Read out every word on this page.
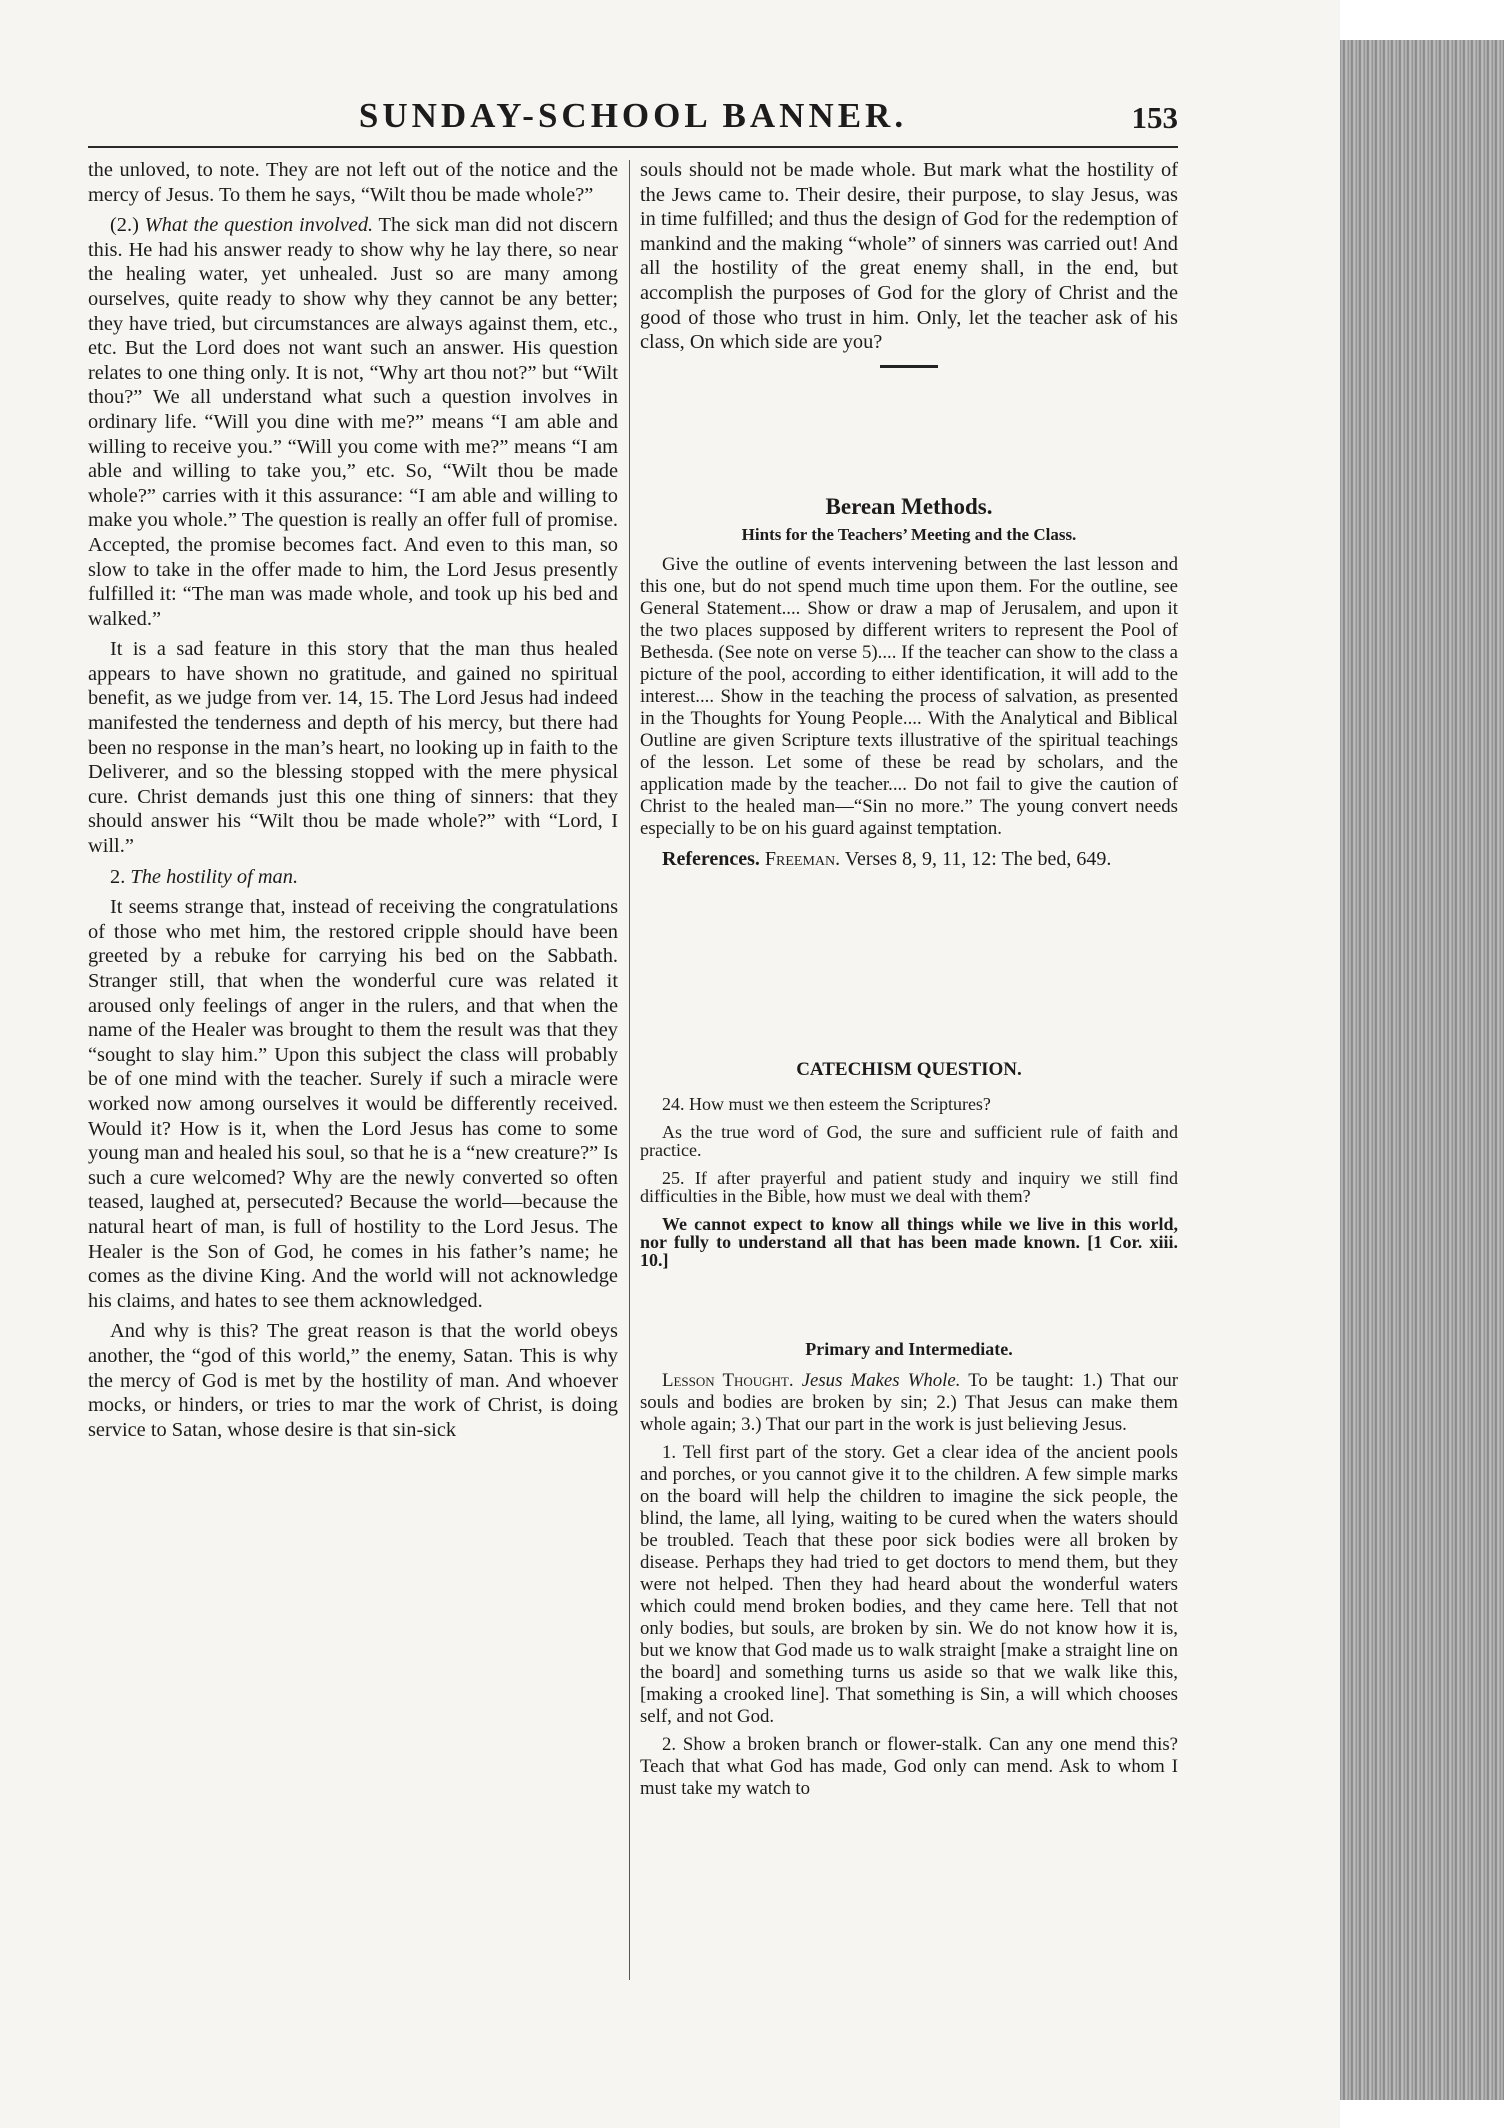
SUNDAY-SCHOOL BANNER.	153

the unloved, to note. They are not left out of the notice and the mercy of Jesus. To them he says, “Wilt thou be made whole?”

(2.) What the question involved. The sick man did not discern this. He had his answer ready to show why he lay there, so near the healing water, yet unhealed. Just so are many among ourselves, quite ready to show why they cannot be any better; they have tried, but circumstances are always against them, etc., etc. But the Lord does not want such an answer. His question relates to one thing only. It is not, “Why art thou not?” but “Wilt thou?” We all understand what such a question involves in ordinary life. “Will you dine with me?” means “I am able and willing to receive you.” “Will you come with me?” means “I am able and willing to take you,” etc. So, “Wilt thou be made whole?” carries with it this assurance: “I am able and willing to make you whole.” The question is really an offer full of promise. Accepted, the promise becomes fact. And even to this man, so slow to take in the offer made to him, the Lord Jesus presently fulfilled it: “The man was made whole, and took up his bed and walked.”

It is a sad feature in this story that the man thus healed appears to have shown no gratitude, and gained no spiritual benefit, as we judge from ver. 14, 15. The Lord Jesus had indeed manifested the tenderness and depth of his mercy, but there had been no response in the man’s heart, no looking up in faith to the Deliverer, and so the blessing stopped with the mere physical cure. Christ demands just this one thing of sinners: that they should answer his “Wilt thou be made whole?” with “Lord, I will.”

2. The hostility of man.

It seems strange that, instead of receiving the congratulations of those who met him, the restored cripple should have been greeted by a rebuke for carrying his bed on the Sabbath. Stranger still, that when the wonderful cure was related it aroused only feelings of anger in the rulers, and that when the name of the Healer was brought to them the result was that they “sought to slay him.” Upon this subject the class will probably be of one mind with the teacher. Surely if such a miracle were worked now among ourselves it would be differently received. Would it? How is it, when the Lord Jesus has come to some young man and healed his soul, so that he is a “new creature?” Is such a cure welcomed? Why are the newly converted so often teased, laughed at, persecuted? Because the world—because the natural heart of man, is full of hostility to the Lord Jesus. The Healer is the Son of God, he comes in his father’s name; he comes as the divine King. And the world will not acknowledge his claims, and hates to see them acknowledged.

And why is this? The great reason is that the world obeys another, the “god of this world,” the enemy, Satan. This is why the mercy of God is met by the hostility of man. And whoever mocks, or hinders, or tries to mar the work of Christ, is doing service to Satan, whose desire is that sin-sick

souls should not be made whole. But mark what the hostility of the Jews came to. Their desire, their purpose, to slay Jesus, was in time fulfilled; and thus the design of God for the redemption of mankind and the making “whole” of sinners was carried out! And all the hostility of the great enemy shall, in the end, but accomplish the purposes of God for the glory of Christ and the good of those who trust in him. Only, let the teacher ask of his class, On which side are you?

Berean Methods.
Hints for the Teachers’ Meeting and the Class.

Give the outline of events intervening between the last lesson and this one, but do not spend much time upon them. For the outline, see General Statement.... Show or draw a map of Jerusalem, and upon it the two places supposed by different writers to represent the Pool of Bethesda. (See note on verse 5).... If the teacher can show to the class a picture of the pool, according to either identification, it will add to the interest.... Show in the teaching the process of salvation, as presented in the Thoughts for Young People.... With the Analytical and Biblical Outline are given Scripture texts illustrative of the spiritual teachings of the lesson. Let some of these be read by scholars, and the application made by the teacher.... Do not fail to give the caution of Christ to the healed man—“Sin no more.” The young convert needs especially to be on his guard against temptation.

References. Freeman. Verses 8, 9, 11, 12: The bed, 649.

CATECHISM QUESTION.

24. How must we then esteem the Scriptures?

As the true word of God, the sure and sufficient rule of faith and practice.

25. If after prayerful and patient study and inquiry we still find difficulties in the Bible, how must we deal with them?

We cannot expect to know all things while we live in this world, nor fully to understand all that has been made known. [1 Cor. xiii. 10.]

Primary and Intermediate.

Lesson Thought. Jesus Makes Whole. To be taught: 1.) That our souls and bodies are broken by sin; 2.) That Jesus can make them whole again; 3.) That our part in the work is just believing Jesus.

1. Tell first part of the story. Get a clear idea of the ancient pools and porches, or you cannot give it to the children. A few simple marks on the board will help the children to imagine the sick people, the blind, the lame, all lying, waiting to be cured when the waters should be troubled. Teach that these poor sick bodies were all broken by disease. Perhaps they had tried to get doctors to mend them, but they were not helped. Then they had heard about the wonderful waters which could mend broken bodies, and they came here. Tell that not only bodies, but souls, are broken by sin. We do not know how it is, but we know that God made us to walk straight [make a straight line on the board] and something turns us aside so that we walk like this, [making a crooked line]. That something is Sin, a will which chooses self, and not God.

2. Show a broken branch or flower-stalk. Can any one mend this? Teach that what God has made, God only can mend. Ask to whom I must take my watch to
